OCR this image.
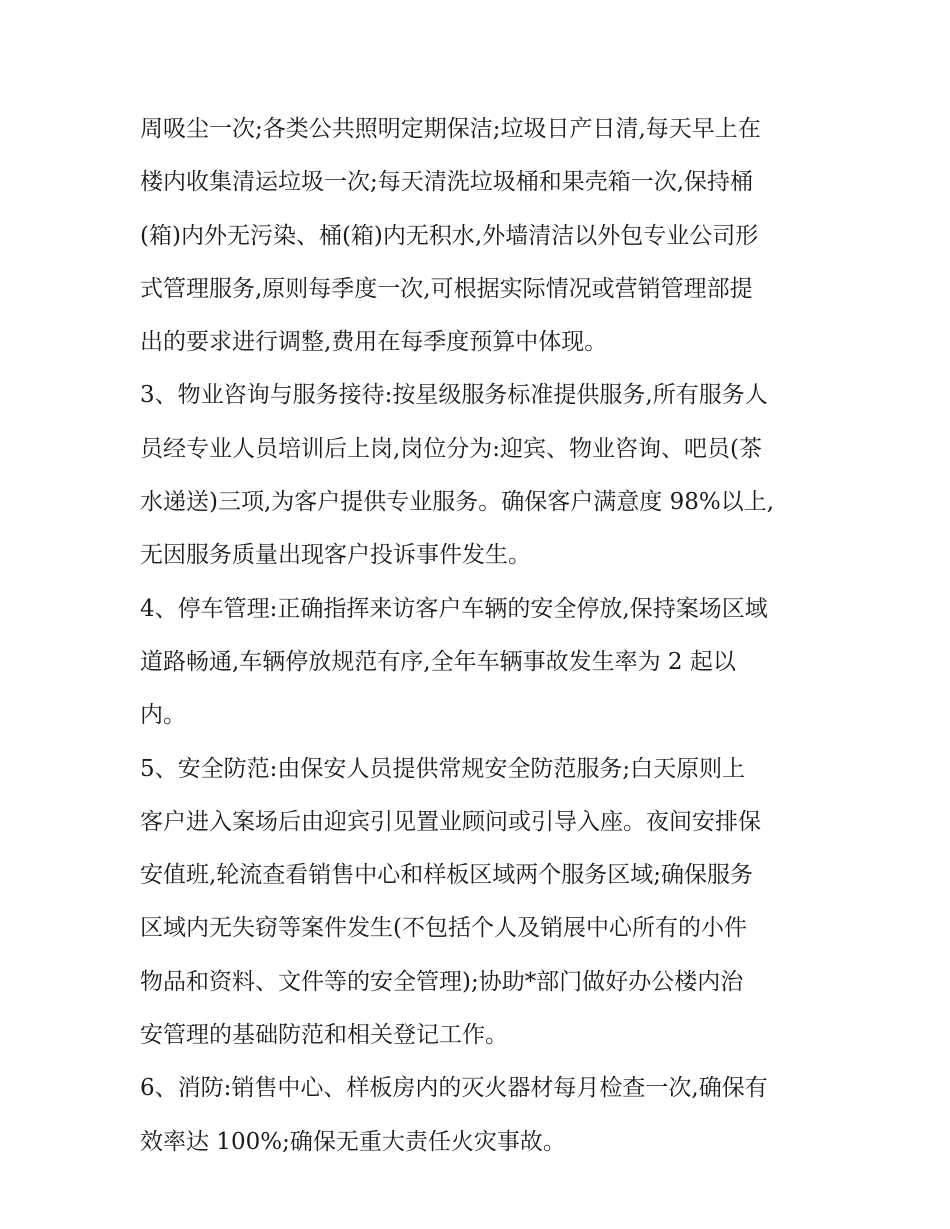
周吸尘一次;各类公共照明定期保洁;垃圾日产日清,每天早上在
楼内收集清运垃圾一次;每天清洗垃圾桶和果壳箱一次,保持桶
(箱)内外无污染、桶(箱)内无积水,外墙清洁以外包专业公司形
式管理服务,原则每季度一次,可根据实际情况或营销管理部提
出的要求进行调整,费用在每季度预算中体现。
3、物业咨询与服务接待:按星级服务标准提供服务,所有服务人
员经专业人员培训后上岗,岗位分为:迎宾、物业咨询、吧员(茶
水递送)三项,为客户提供专业服务。确保客户满意度 98%以上,
无因服务质量出现客户投诉事件发生。
4、停车管理:正确指挥来访客户车辆的安全停放,保持案场区域
道路畅通,车辆停放规范有序,全年车辆事故发生率为 2 起以
内。
5、安全防范:由保安人员提供常规安全防范服务;白天原则上
客户进入案场后由迎宾引见置业顾问或引导入座。夜间安排保
安值班,轮流查看销售中心和样板区域两个服务区域;确保服务
区域内无失窃等案件发生(不包括个人及销展中心所有的小件
物品和资料、文件等的安全管理);协助*部门做好办公楼内治
安管理的基础防范和相关登记工作。
6、消防:销售中心、样板房内的灭火器材每月检查一次,确保有
效率达 100%;确保无重大责任火灾事故。
